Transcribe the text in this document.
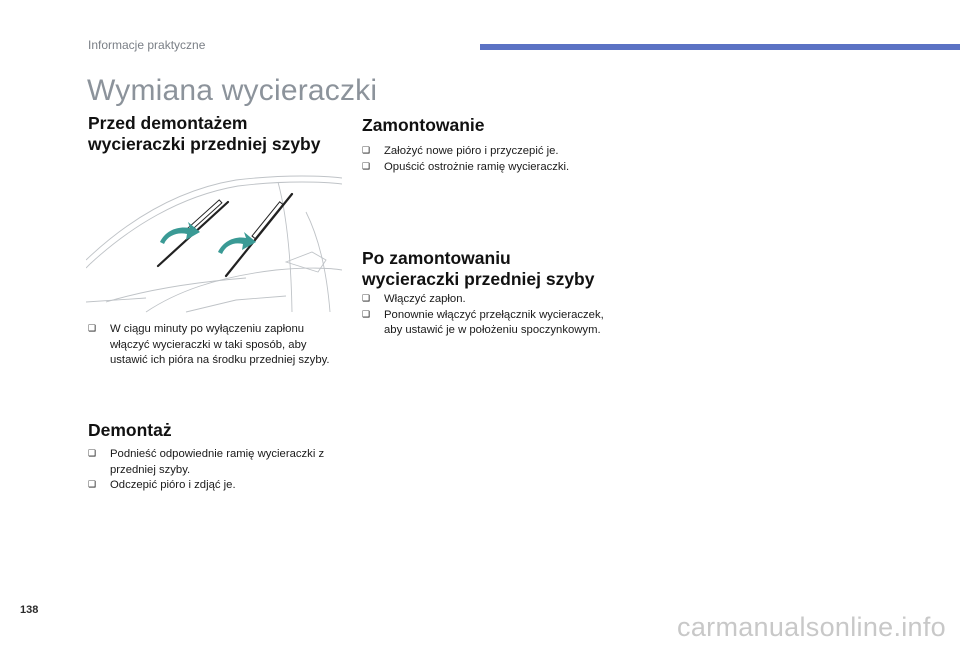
Informacje praktyczne
Wymiana wycieraczki
Przed demontażem
wycieraczki przedniej szyby
❑ W ciągu minuty po wyłączeniu zapłonu włączyć wycieraczki w taki sposób, aby ustawić ich pióra na środku przedniej szyby.
Demontaż
❑ Podnieść odpowiednie ramię wycieraczki z przedniej szyby.
❑ Odczepić pióro i zdjąć je.
Zamontowanie
❑ Założyć nowe pióro i przyczepić je.
❑ Opuścić ostrożnie ramię wycieraczki.
Po zamontowaniu
wycieraczki przedniej szyby
❑ Włączyć zapłon.
❑ Ponownie włączyć przełącznik wycieraczek, aby ustawić je w położeniu spoczynkowym.
138
carmanualsonline.info
